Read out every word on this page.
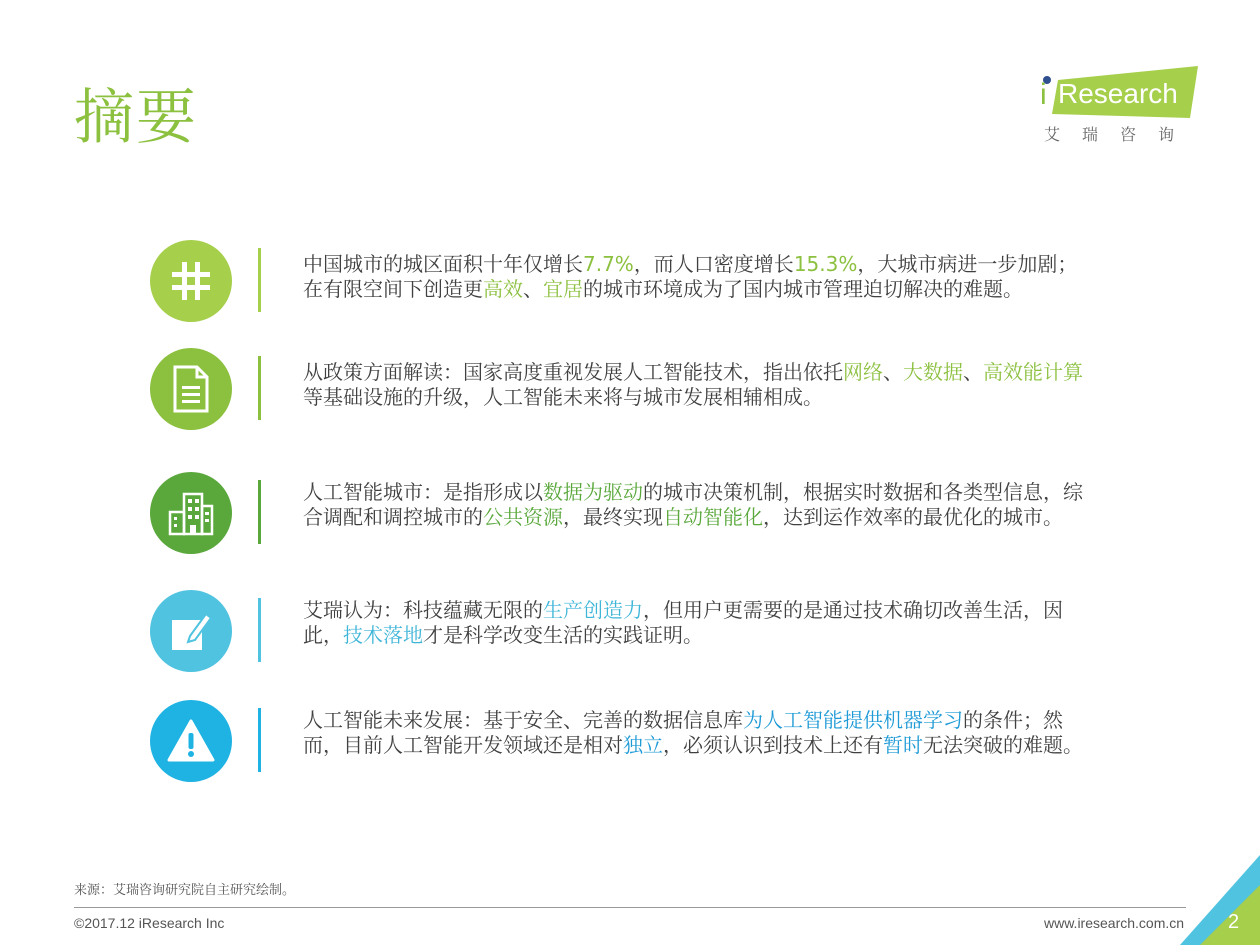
摘要	i Research
艾瑞咨询
中国城市的城区面积十年仅增长7.7%，而人口密度增长15.3%，大城市病进一步加剧；在有限空间下创造更高效、宜居的城市环境成为了国内城市管理迫切解决的难题。
从政策方面解读：国家高度重视发展人工智能技术，指出依托网络、大数据、高效能计算等基础设施的升级，人工智能未来将与城市发展相辅相成。
人工智能城市：是指形成以数据为驱动的城市决策机制，根据实时数据和各类型信息，综合调配和调控城市的公共资源，最终实现自动智能化，达到运作效率的最优化的城市。
艾瑞认为：科技蕴藏无限的生产创造力，但用户更需要的是通过技术确切改善生活，因此，技术落地才是科学改变生活的实践证明。
人工智能未来发展：基于安全、完善的数据信息库为人工智能提供机器学习的条件；然而，目前人工智能开发领域还是相对独立，必须认识到技术上还有暂时无法突破的难题。
来源：艾瑞咨询研究院自主研究绘制。
©2017.12 iResearch Inc	www.iresearch.com.cn 2
